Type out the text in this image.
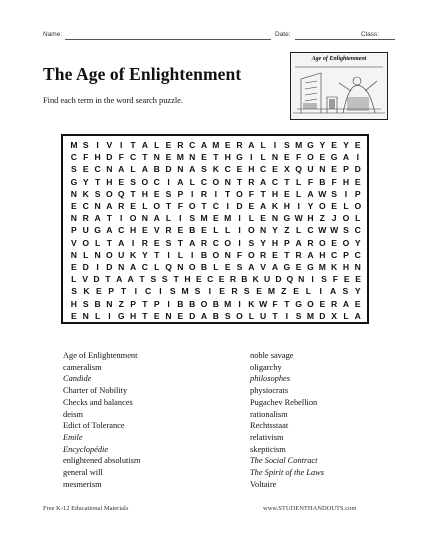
Name:	Date:	Class:
The Age of Enlightenment
Find each term in the word search puzzle.
Age of Enlightenment
M S I V I T A L E R C A M E R A L I S M G Y E Y E
C F H D F C T N E M N E T H G I L N E F O E G A I
S E C N A L A B D N A S K C E H C E X Q U N E P D
G Y T H E S O C I A L C O N T R A C T L F B F H E
N K S O Q T H E S P I R I T O F T H E L A W S I P
E C N A R E L O T F O T C I D E A K H I Y O E L O
N R A T I O N A L I S M E M I L E N G W H Z J O L
P U G A C H E V R E B E L L I O N Y Z L C W W S C
V O L T A I R E S T A R C O I S Y H P A R O E O Y
N L N O U K Y T I L I B O N F O R E T R A H C P C
E D I D N A C L Q N O B L E S A V A G E G M K H N
L V D T A A T S S T H E C E R B K U D Q N I S F E E
S K E P T I C I S M S I E R S E M Z E L I A S Y
H S B N Z P T P I B B O B M I K W F T G O E R A E
E N L I G H T E N E D A B S O L U T I S M D X L A
Age of Enlightenment
cameralism
Candide
Charter of Nobility
Checks and balances
deism
Edict of Tolerance
Emile
Encyclopédie
enlightened absolutism
general will
mesmerism
noble savage
oligarchy
philosophes
physiocrats
Pugachev Rebellion
rationalism
Rechtsstaat
relativism
skepticism
The Social Contract
The Spirit of the Laws
Voltaire
Free K-12 Educational Materials	www.STUDENTHANDOUTS.com
